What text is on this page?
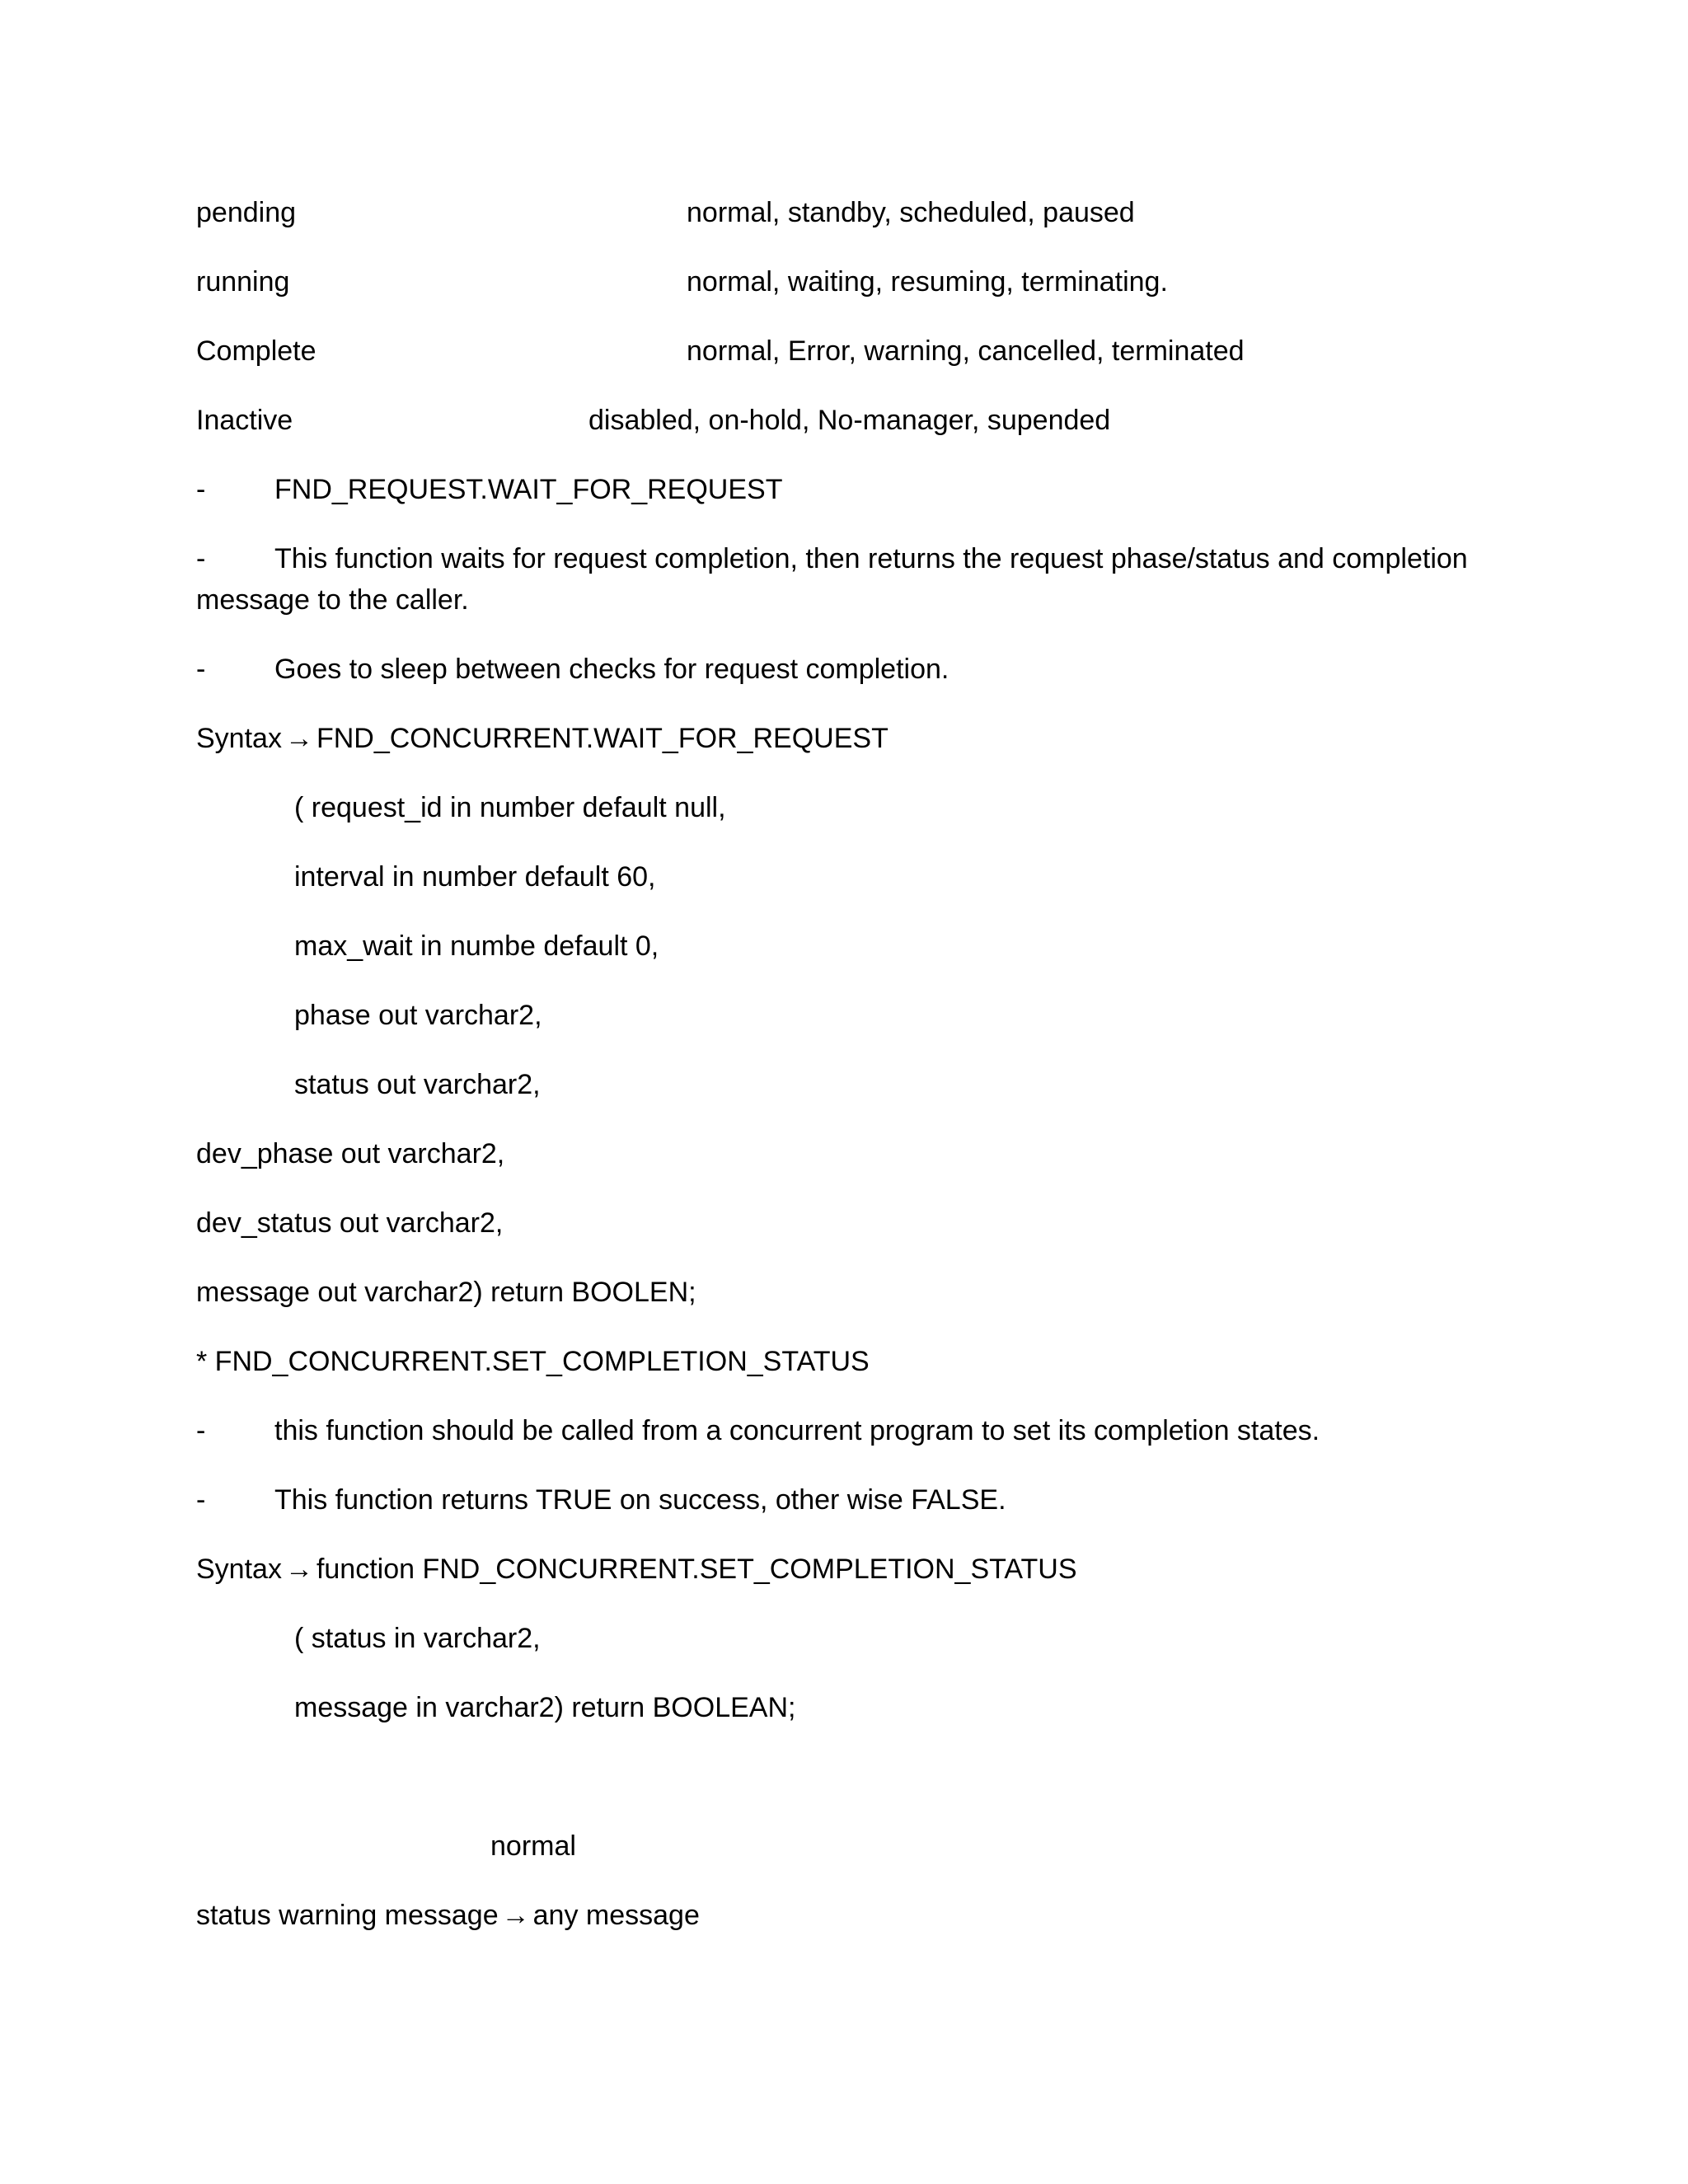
pending	normal, standby, scheduled, paused
running	normal, waiting, resuming, terminating.
Complete	normal, Error, warning, cancelled, terminated
Inactive	disabled, on-hold, No-manager, supended
- FND_REQUEST.WAIT_FOR_REQUEST
- This function waits for request completion, then returns the request phase/status and completion
message to the caller.
- Goes to sleep between checks for request completion.
Syntax → FND_CONCURRENT.WAIT_FOR_REQUEST
( request_id in number default null,
interval in number default 60,
max_wait in numbe default 0,
phase out varchar2,
status out varchar2,
dev_phase out varchar2,
dev_status out varchar2,
message out varchar2) return BOOLEN;
* FND_CONCURRENT.SET_COMPLETION_STATUS
- this function should be called from a concurrent program to set its completion states.
- This function returns TRUE on success, other wise FALSE.
Syntax → function FND_CONCURRENT.SET_COMPLETION_STATUS
( status in varchar2,
message in varchar2) return BOOLEAN;
normal
status warning message → any message
